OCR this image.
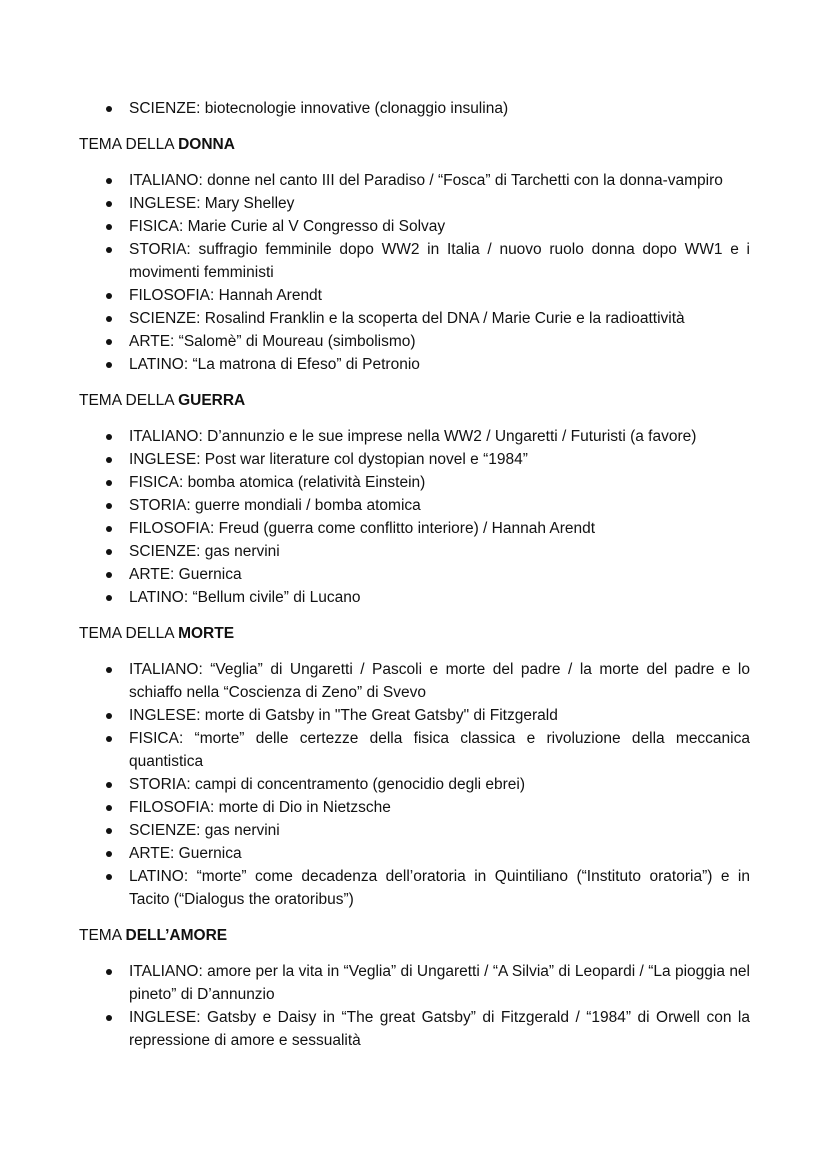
SCIENZE: biotecnologie innovative (clonaggio insulina)
TEMA DELLA DONNA
ITALIANO: donne nel canto III del Paradiso / “Fosca” di Tarchetti con la donna-vampiro
INGLESE: Mary Shelley
FISICA: Marie Curie al V Congresso di Solvay
STORIA: suffragio femminile dopo WW2 in Italia / nuovo ruolo donna dopo WW1 e i movimenti femministi
FILOSOFIA: Hannah Arendt
SCIENZE: Rosalind Franklin e la scoperta del DNA / Marie Curie e la radioattività
ARTE: “Salomè” di Moureau (simbolismo)
LATINO: “La matrona di Efeso” di Petronio
TEMA DELLA GUERRA
ITALIANO: D’annunzio e le sue imprese nella WW2 / Ungaretti / Futuristi (a favore)
INGLESE: Post war literature col dystopian novel e “1984”
FISICA: bomba atomica (relatività Einstein)
STORIA: guerre mondiali / bomba atomica
FILOSOFIA: Freud (guerra come conflitto interiore) / Hannah Arendt
SCIENZE: gas nervini
ARTE: Guernica
LATINO: “Bellum civile” di Lucano
TEMA DELLA MORTE
ITALIANO: “Veglia” di Ungaretti / Pascoli e morte del padre / la morte del padre e lo schiaffo nella “Coscienza di Zeno” di Svevo
INGLESE: morte di Gatsby in "The Great Gatsby" di Fitzgerald
FISICA: “morte” delle certezze della fisica classica e rivoluzione della meccanica quantistica
STORIA: campi di concentramento (genocidio degli ebrei)
FILOSOFIA: morte di Dio in Nietzsche
SCIENZE: gas nervini
ARTE: Guernica
LATINO: “morte” come decadenza dell’oratoria in Quintiliano (“Instituto oratoria”) e in Tacito (“Dialogus the oratoribus”)
TEMA DELL’AMORE
ITALIANO: amore per la vita in “Veglia” di Ungaretti / “A Silvia” di Leopardi / “La pioggia nel pineto” di D’annunzio
INGLESE: Gatsby e Daisy in “The great Gatsby” di Fitzgerald / “1984” di Orwell con la repressione di amore e sessualità
